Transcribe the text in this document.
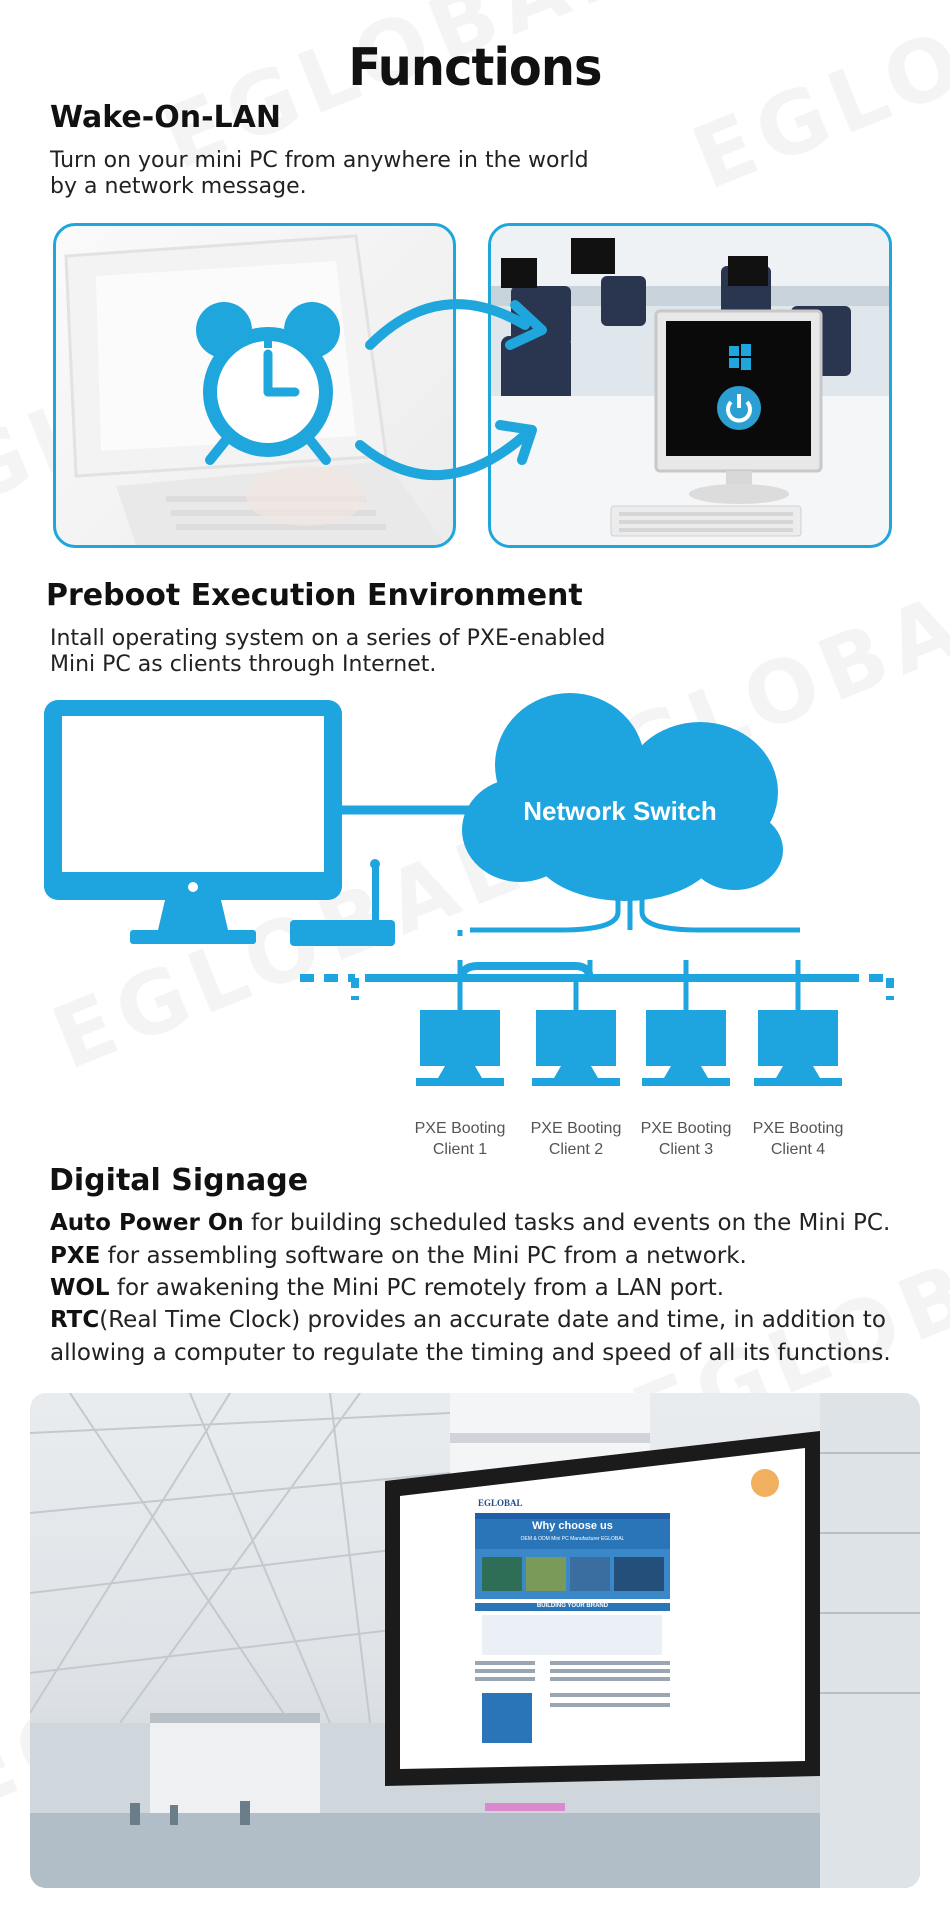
Functions
Wake-On-LAN
Turn on your mini PC from anywhere in the world
by a network message.
Preboot Execution Environment
Intall operating system on a series of PXE-enabled
Mini PC as clients through Internet.
Network Switch
PXE Booting
Client 1
PXE Booting
Client 2
PXE Booting
Client 3
PXE Booting
Client 4
Digital Signage
Auto Power On for building scheduled tasks and events on the Mini PC.
PXE for assembling software on the Mini PC from a network.
WOL for awakening the Mini PC remotely from a LAN port.
RTC(Real Time Clock) provides an accurate date and time, in addition to
allowing a computer to regulate the timing and speed of all its functions.
EGLOBAL
Why choose us
OEM & ODM Mini PC Manufacturer EGLOBAL
BUILDING YOUR BRAND
